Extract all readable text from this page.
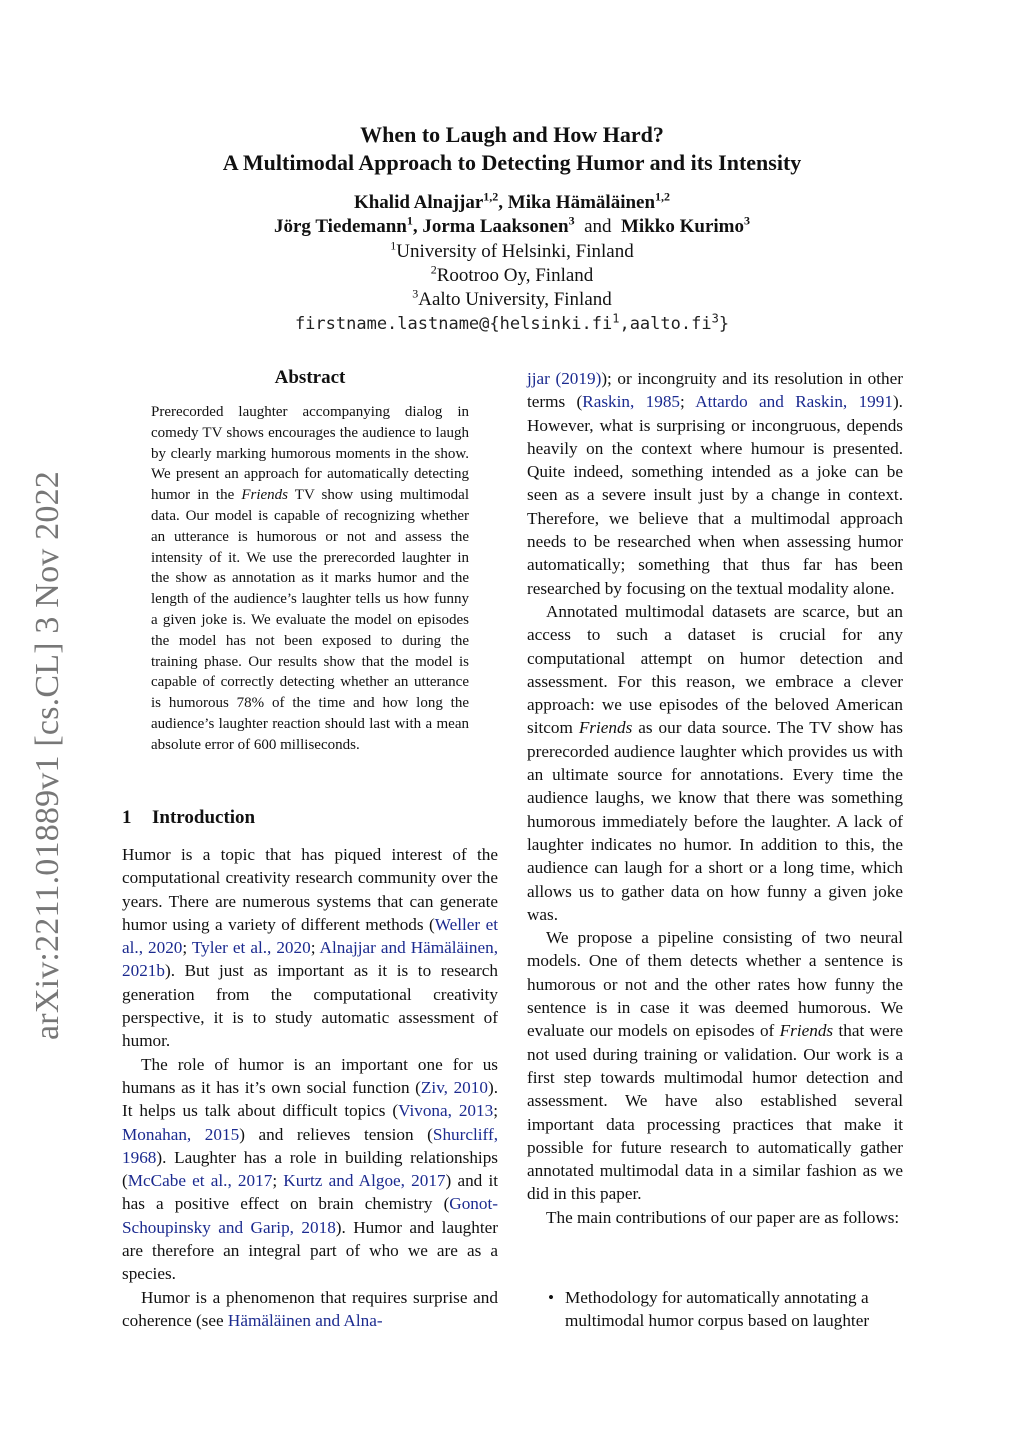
arXiv:2211.01889v1 [cs.CL] 3 Nov 2022
When to Laugh and How Hard?
A Multimodal Approach to Detecting Humor and its Intensity
Khalid Alnajjar$^{1,2}$, Mika Hämäläinen$^{1,2}$
Jörg Tiedemann$^1$, Jorma Laaksonen$^3$ and Mikko Kurimo$^3$
$^1$University of Helsinki, Finland
$^2$Rootroo Oy, Finland
$^3$Aalto University, Finland
$firstname.lastname@\{helsinki.fi^1,aalto.fi^3\}$
Abstract
Prerecorded laughter accompanying dialog in comedy TV shows encourages the audience to laugh by clearly marking humorous moments in the show. We present an approach for automatically detecting humor in the Friends TV show using multimodal data. Our model is capable of recognizing whether an utterance is humorous or not and assess the intensity of it. We use the prerecorded laughter in the show as annotation as it marks humor and the length of the audience’s laughter tells us how funny a given joke is. We evaluate the model on episodes the model has not been exposed to during the training phase. Our results show that the model is capable of correctly detecting whether an utterance is humorous 78% of the time and how long the audience’s laughter reaction should last with a mean absolute error of 600 milliseconds.
1 Introduction

Humor is a topic that has piqued interest of the computational creativity research community over the years. There are numerous systems that can generate humor using a variety of different methods (Weller et al., 2020; Tyler et al., 2020; Alnajjar and Hämäläinen, 2021b). But just as important as it is to research generation from the computational creativity perspective, it is to study automatic assessment of humor.

The role of humor is an important one for us humans as it has it’s own social function (Ziv, 2010). It helps us talk about difficult topics (Vivona, 2013; Monahan, 2015) and relieves tension (Shurcliff, 1968). Laughter has a role in building relationships (McCabe et al., 2017; Kurtz and Algoe, 2017) and it has a positive effect on brain chemistry (Gonot-Schoupinsky and Garip, 2018). Humor and laughter are therefore an integral part of who we are as a species.

Humor is a phenomenon that requires surprise and coherence (see Hämäläinen and Alna-

jjar (2019)); or incongruity and its resolution in other terms (Raskin, 1985; Attardo and Raskin, 1991). However, what is surprising or incongruous, depends heavily on the context where humour is presented. Quite indeed, something intended as a joke can be seen as a severe insult just by a change in context. Therefore, we believe that a multimodal approach needs to be researched when when assessing humor automatically; something that thus far has been researched by focusing on the textual modality alone.

Annotated multimodal datasets are scarce, but an access to such a dataset is crucial for any computational attempt on humor detection and assessment. For this reason, we embrace a clever approach: we use episodes of the beloved American sitcom Friends as our data source. The TV show has prerecorded audience laughter which provides us with an ultimate source for annotations. Every time the audience laughs, we know that there was something humorous immediately before the laughter. A lack of laughter indicates no humor. In addition to this, the audience can laugh for a short or a long time, which allows us to gather data on how funny a given joke was.

We propose a pipeline consisting of two neural models. One of them detects whether a sentence is humorous or not and the other rates how funny the sentence is in case it was deemed humorous. We evaluate our models on episodes of Friends that were not used during training or validation. Our work is a first step towards multimodal humor detection and assessment. We have also established several important data processing practices that make it possible for future research to automatically gather annotated multimodal data in a similar fashion as we did in this paper.

The main contributions of our paper are as follows:

• Methodology for automatically annotating a multimodal humor corpus based on laughter
